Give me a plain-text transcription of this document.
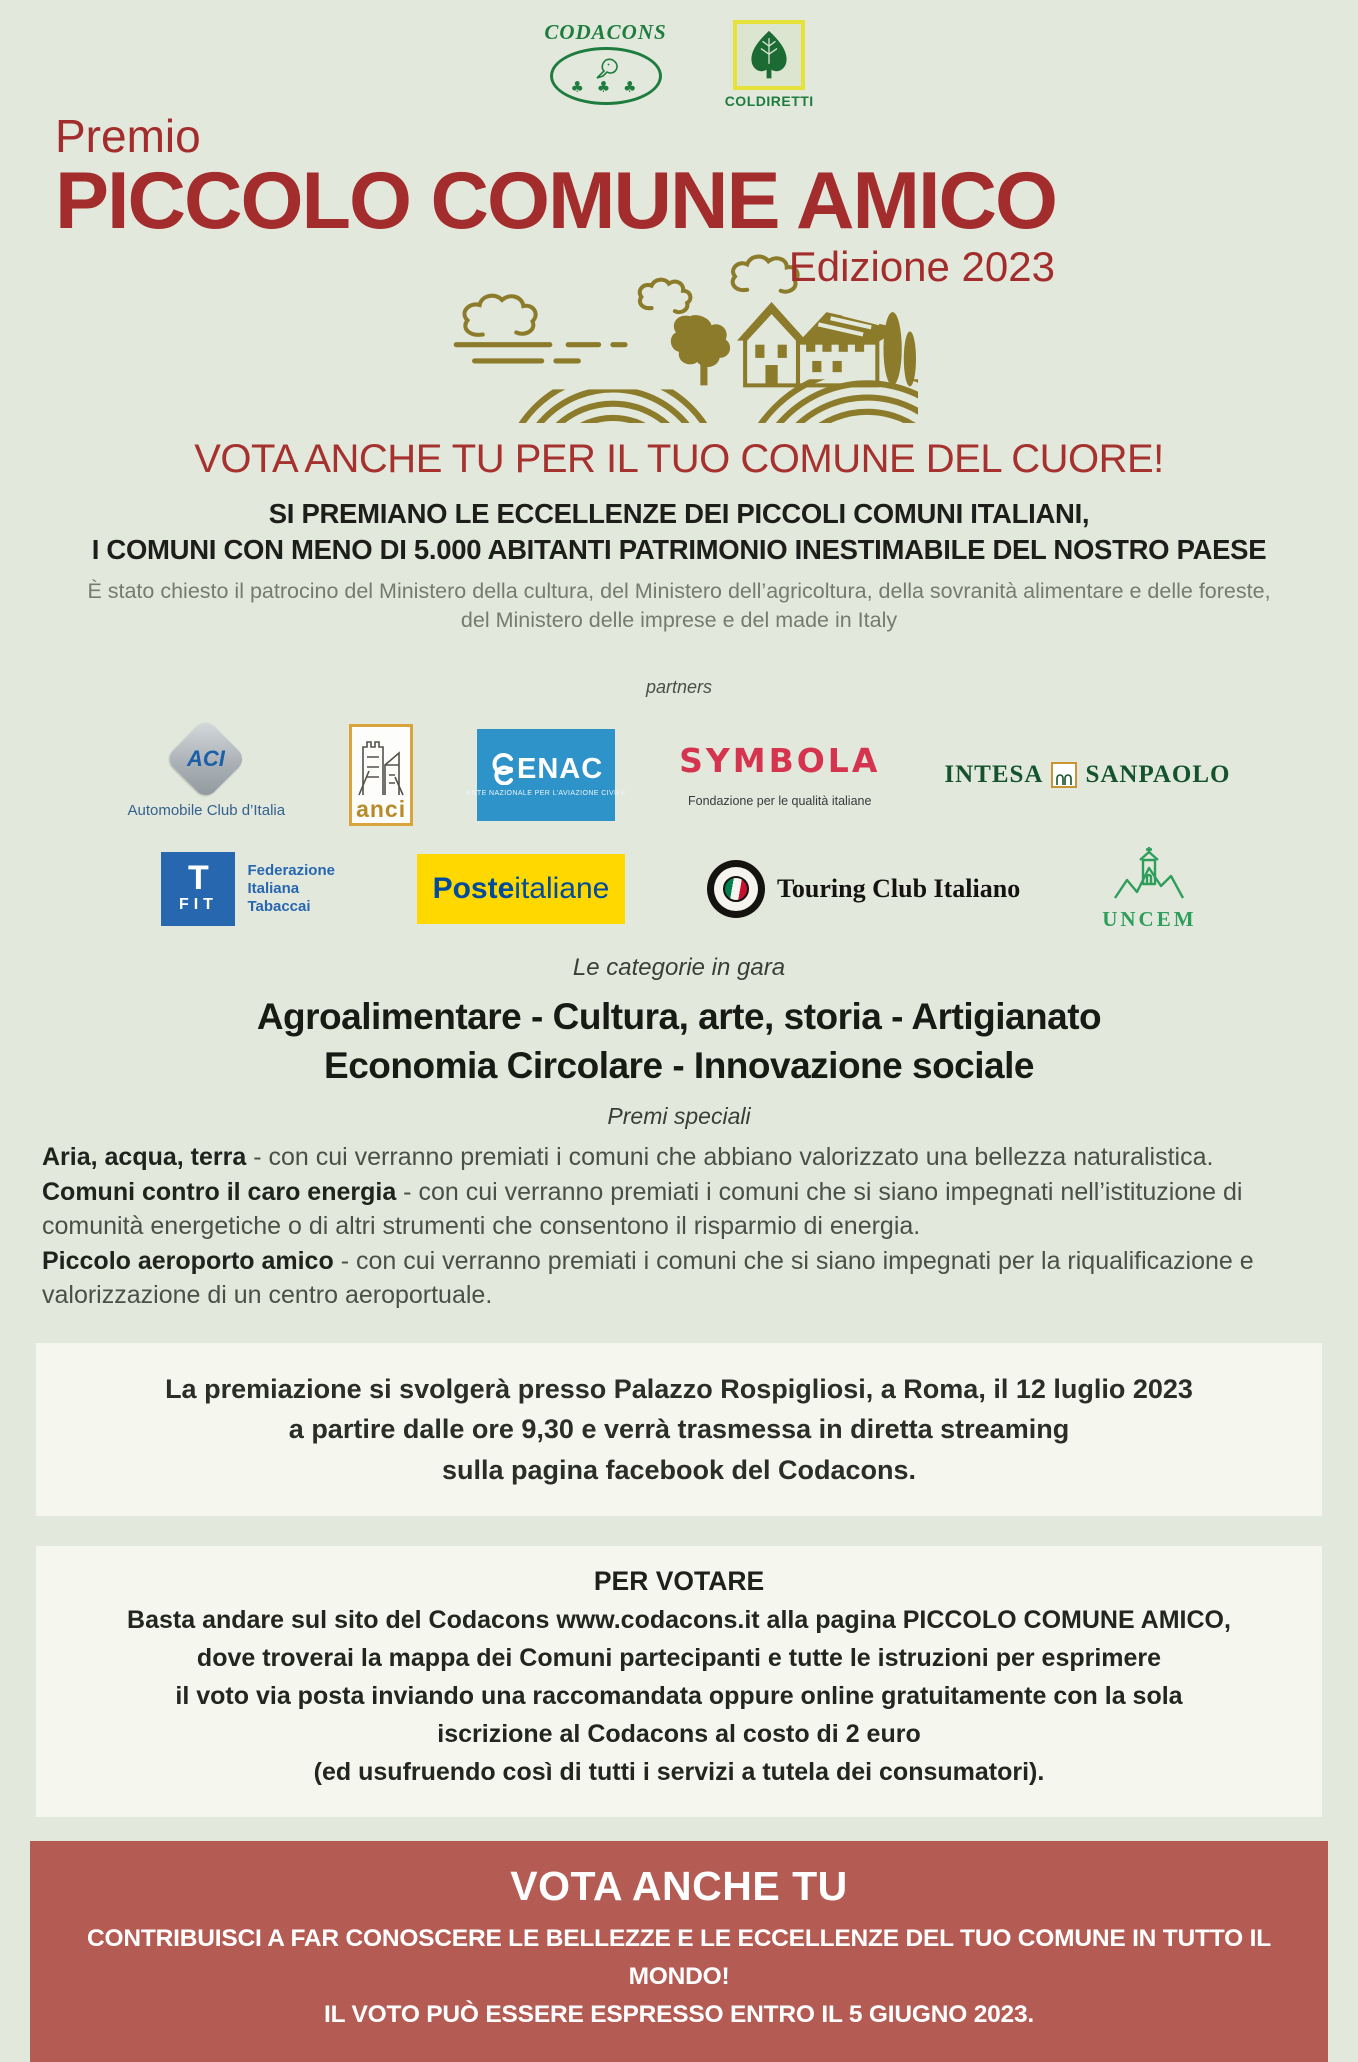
CODACONS
♣ ♣ ♣
COLDIRETTI
Premio
PICCOLO COMUNE AMICO
Edizione 2023
VOTA ANCHE TU PER IL TUO COMUNE DEL CUORE!
SI PREMIANO LE ECCELLENZE DEI PICCOLI COMUNI ITALIANI,
I COMUNI CON MENO DI 5.000 ABITANTI PATRIMONIO INESTIMABILE DEL NOSTRO PAESE
È stato chiesto il patrocino del Ministero della cultura, del Ministero dell’agricoltura, della sovranità alimentare e delle foreste,
del Ministero delle imprese e del made in Italy
partners
ACI
Automobile Club d’Italia	anci
ENAC
ENTE NAZIONALE PER L’AVIAZIONE CIVILE
SYMBOLA
Fondazione per le qualità italiane
INTESA SANPAOLO
T
FIT
Federazione
Italiana
Tabaccai
Poste italiane	Touring Club Italiano
UNCEM
Le categorie in gara
Agroalimentare - Cultura, arte, storia - Artigianato
Economia Circolare - Innovazione sociale
Premi speciali

Aria, acqua, terra - con cui verranno premiati i comuni che abbiano valorizzato una bellezza naturalistica.

Comuni contro il caro energia - con cui verranno premiati i comuni che si siano impegnati nell’istituzione di comunità energetiche o di altri strumenti che consentono il risparmio di energia.

Piccolo aeroporto amico - con cui verranno premiati i comuni che si siano impegnati per la riqualificazione e valorizzazione di un centro aeroportuale.

La premiazione si svolgerà presso Palazzo Rospigliosi, a Roma, il 12 luglio 2023
a partire dalle ore 9,30 e verrà trasmessa in diretta streaming
sulla pagina facebook del Codacons.
PER VOTARE
Basta andare sul sito del Codacons www.codacons.it alla pagina PICCOLO COMUNE AMICO,
dove troverai la mappa dei Comuni partecipanti e tutte le istruzioni per esprimere
il voto via posta inviando una raccomandata oppure online gratuitamente con la sola
iscrizione al Codacons al costo di 2 euro
(ed usufruendo così di tutti i servizi a tutela dei consumatori).
VOTA ANCHE TU
CONTRIBUISCI A FAR CONOSCERE LE BELLEZZE E LE ECCELLENZE DEL TUO COMUNE IN TUTTO IL MONDO!
IL VOTO PUÒ ESSERE ESPRESSO ENTRO IL 5 GIUGNO 2023.
